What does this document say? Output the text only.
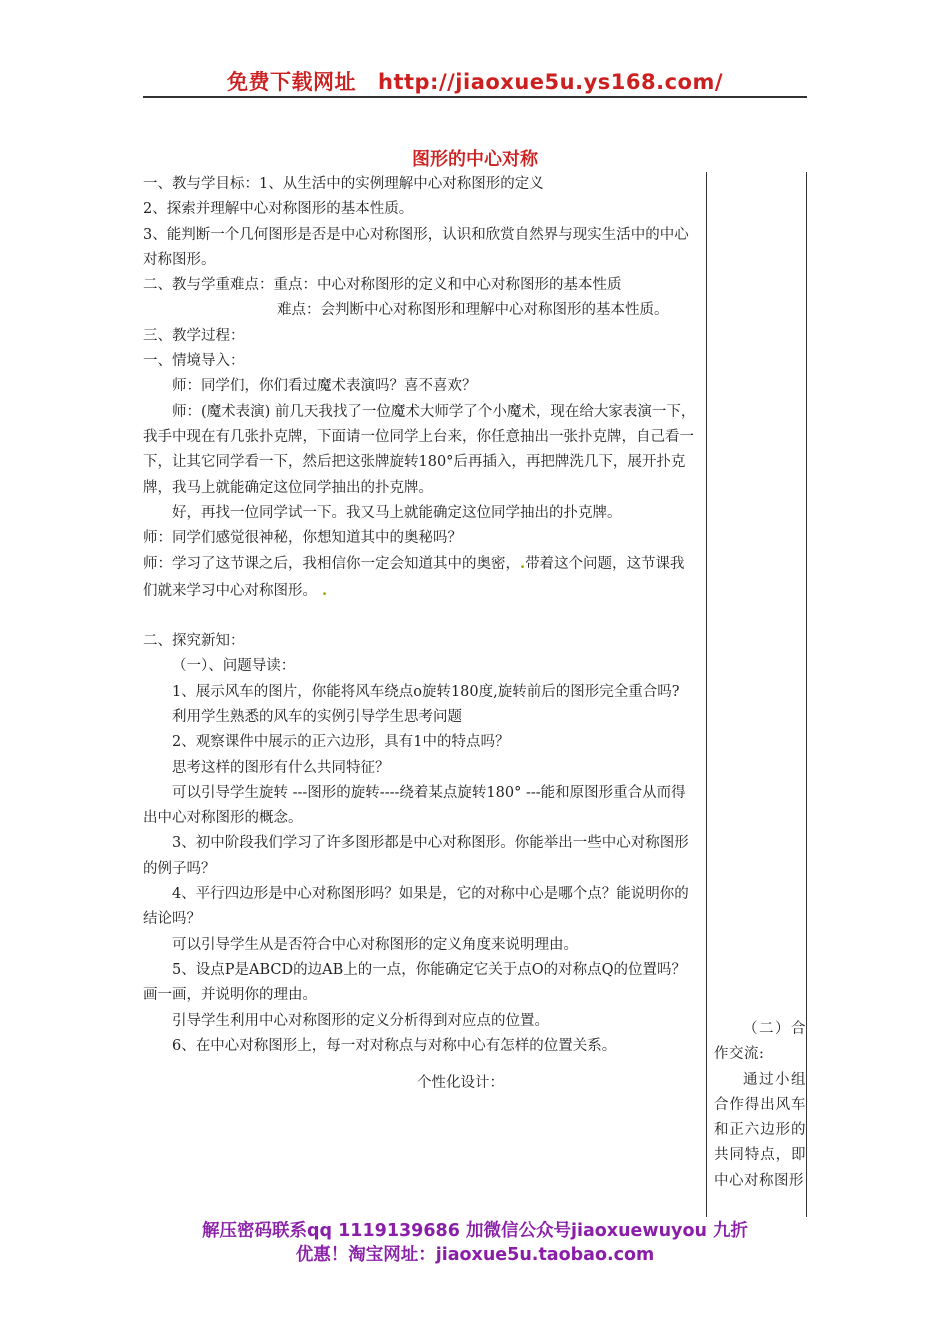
免费下载网址 http://jiaoxue5u.ys168.com/
图形的中心对称

一、教与学目标：1、从生活中的实例理解中心对称图形的定义

2、探索并理解中心对称图形的基本性质。

3、能判断一个几何图形是否是中心对称图形，认识和欣赏自然界与现实生活中的中心对称图形。

二、教与学重难点：重点：中心对称图形的定义和中心对称图形的基本性质

难点：会判断中心对称图形和理解中心对称图形的基本性质。

三、教学过程：

一、情境导入：

师：同学们，你们看过魔术表演吗？喜不喜欢？

师：(魔术表演) 前几天我找了一位魔术大师学了个小魔术，现在给大家表演一下，我手中现在有几张扑克牌，下面请一位同学上台来，你任意抽出一张扑克牌，自己看一下，让其它同学看一下，然后把这张牌旋转180°后再插入，再把牌洗几下，展开扑克牌，我马上就能确定这位同学抽出的扑克牌。

好，再找一位同学试一下。我又马上就能确定这位同学抽出的扑克牌。

师：同学们感觉很神秘，你想知道其中的奥秘吗？

师：学习了这节课之后，我相信你一定会知道其中的奥密，.带着这个问题，这节课我们就来学习中心对称图形。 .

二、探究新知：

（一）、问题导读：

1、展示风车的图片，你能将风车绕点o旋转180度,旋转前后的图形完全重合吗?

利用学生熟悉的风车的实例引导学生思考问题

2、观察课件中展示的正六边形，具有1中的特点吗？

思考这样的图形有什么共同特征？

可以引导学生旋转 ---图形的旋转----绕着某点旋转180° ---能和原图形重合从而得出中心对称图形的概念。

3、初中阶段我们学习了许多图形都是中心对称图形。你能举出一些中心对称图形的例子吗？

4、平行四边形是中心对称图形吗？如果是，它的对称中心是哪个点？能说明你的结论吗？

可以引导学生从是否符合中心对称图形的定义角度来说明理由。

5、设点P是ABCD的边AB上的一点，你能确定它关于点O的对称点Q的位置吗？画一画，并说明你的理由。

引导学生利用中心对称图形的定义分析得到对应点的位置。

6、在中心对称图形上，每一对对称点与对称中心有怎样的位置关系。

个性化设计：

（二）合作交流:

通过小组合作得出风车和正六边形的共同特点，即中心对称图形

解压密码联系qq 1119139686 加微信公众号jiaoxuewuyou 九折
优惠！淘宝网址：jiaoxue5u.taobao.com
